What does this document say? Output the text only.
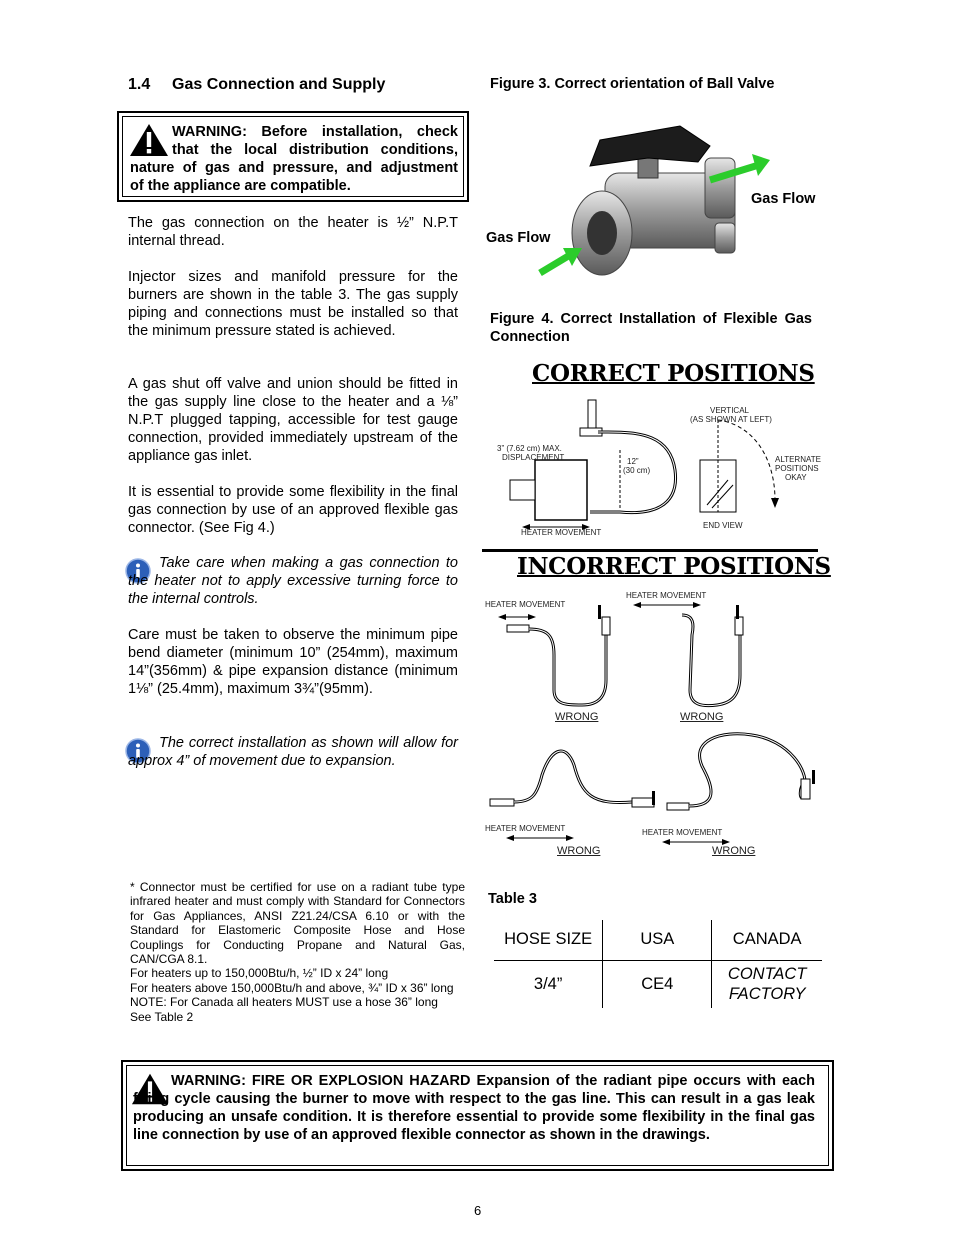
1.4 Gas Connection and Supply
WARNING: Before installation, check
that the local distribution conditions,
nature of gas and pressure, and adjustment
of the appliance are compatible.
The gas connection on the heater is ½” N.P.T internal thread.
Injector sizes and manifold pressure for the burners are shown in the table 3. The gas supply piping and connections must be installed so that the minimum pressure stated is achieved.
A gas shut off valve and union should be fitted in the gas supply line close to the heater and a ⅛” N.P.T plugged tapping, accessible for test gauge connection, provided immediately upstream of the appliance gas inlet.
It is essential to provide some flexibility in the final gas connection by use of an approved flexible gas connector. (See Fig 4.)
Take care when making a gas connection to the heater not to apply excessive turning force to the internal controls.
Care must be taken to observe the minimum pipe bend diameter (minimum 10” (254mm), maximum 14”(356mm) & pipe expansion distance (minimum 1⅛” (25.4mm), maximum 3¾”(95mm).
The correct installation as shown will allow for approx 4” of movement due to expansion.
* Connector must be certified for use on a radiant tube type infrared heater and must comply with Standard for Connectors for Gas Appliances, ANSI Z21.24/CSA 6.10 or with the Standard for Elastomeric Composite Hose and Hose Couplings for Conducting Propane and Natural Gas, CAN/CGA 8.1.
For heaters up to 150,000Btu/h, ½” ID x 24” long
For heaters above 150,000Btu/h and above, ¾” ID x 36” long
NOTE: For Canada all heaters MUST use a hose 36” long
See Table 2
Figure 3. Correct orientation of Ball Valve
Gas Flow
Gas Flow
Figure 4. Correct Installation of Flexible Gas Connection
CORRECT POSITIONS
3” (7.62 cm) MAX.
DISPLACEMENT	12”
(30 cm)
VERTICAL
(AS SHOWN AT LEFT)
ALTERNATE
POSITIONS
OKAY
END VIEW
HEATER MOVEMENT
INCORRECT POSITIONS
HEATER MOVEMENT
HEATER MOVEMENT
WRONG	WRONG
HEATER MOVEMENT	HEATER MOVEMENT
WRONG	WRONG
Table 3
HOSE SIZE	USA	CANADA
3/4”	CE4	CONTACT
FACTORY
WARNING: FIRE OR EXPLOSION HAZARD Expansion of the radiant pipe occurs with each firing cycle causing the burner to move with respect to the gas line. This can result in a gas leak producing an unsafe condition. It is therefore essential to provide some flexibility in the final gas line connection by use of an approved flexible connector as shown in the drawings.
6
